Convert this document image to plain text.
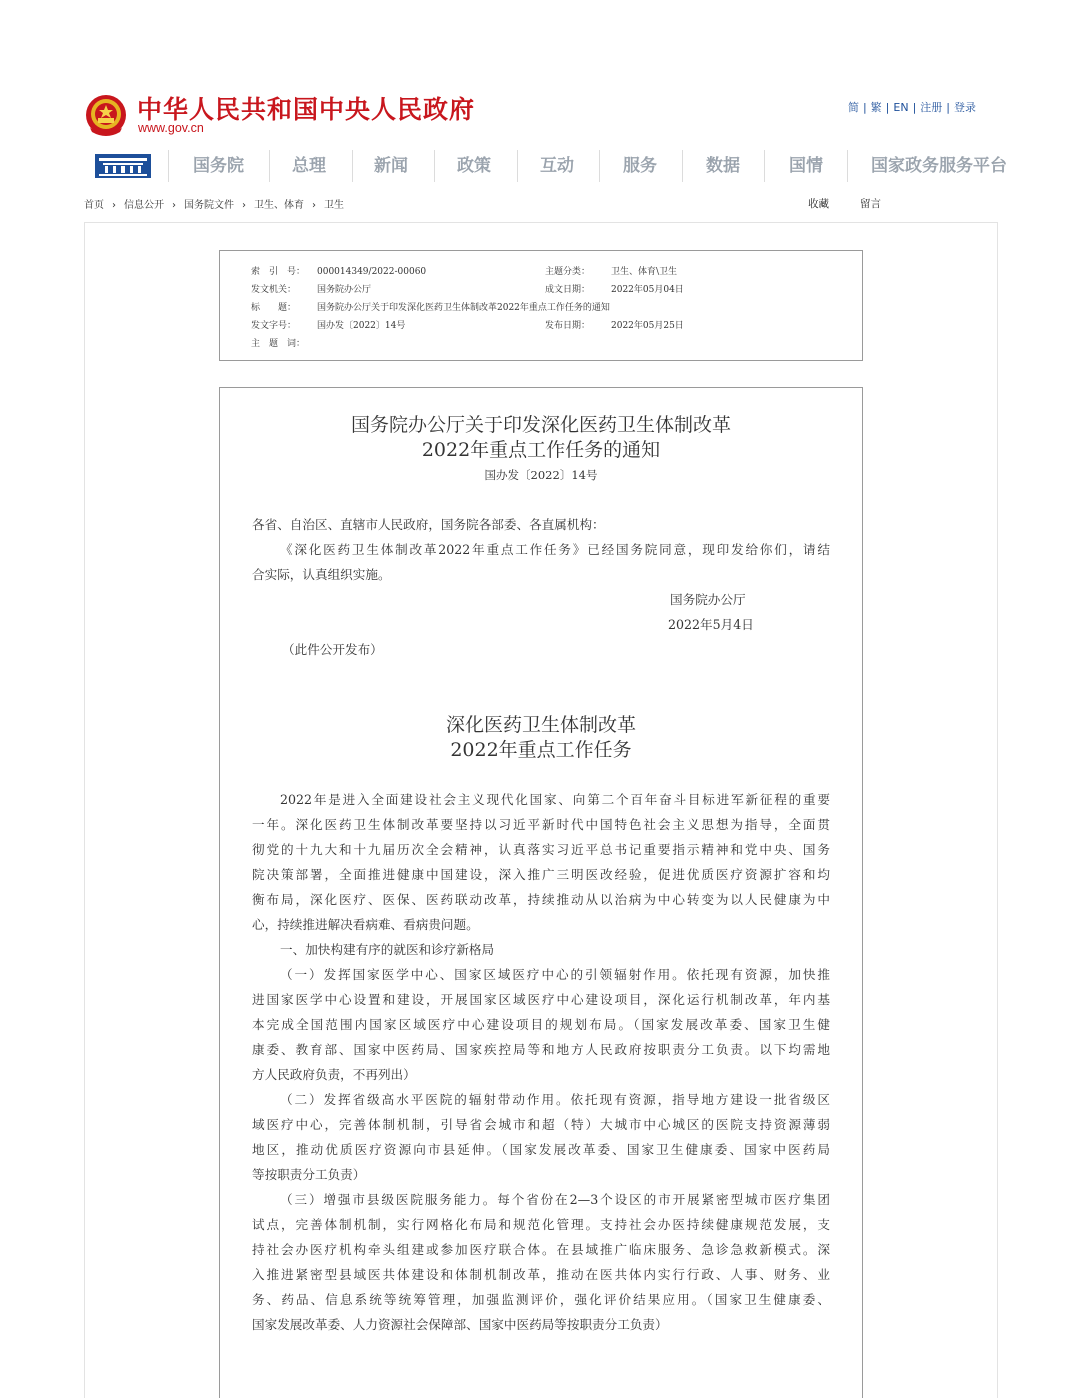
中华人民共和国中央人民政府
www.gov.cn
简 | 繁 | EN | 注册 | 登录
国务院	总理	新闻	政策	互动	服务	数据	国情	国家政务服务平台
首页 › 信息公开 › 国务院文件 › 卫生、体育 › 卫生	收藏	留言
索　引　号： 000014349/2022-00060	主题分类： 卫生、体育\卫生
发文机关： 国务院办公厅	成文日期： 2022年05月04日
标　　题： 国务院办公厅关于印发深化医药卫生体制改革2022年重点工作任务的通知
发文字号： 国办发〔2022〕14号	发布日期： 2022年05月25日
主　题　词：
国务院办公厅关于印发深化医药卫生体制改革
2022年重点工作任务的通知
国办发〔2022〕14号
各省、自治区、直辖市人民政府，国务院各部委、各直属机构：
《深化医药卫生体制改革2022年重点工作任务》已经国务院同意，现印发给你们，请结
合实际，认真组织实施。
国务院办公厅
2022年5月4日
（此件公开发布）
深化医药卫生体制改革
2022年重点工作任务
2022年是进入全面建设社会主义现代化国家、向第二个百年奋斗目标进军新征程的重要
一年。深化医药卫生体制改革要坚持以习近平新时代中国特色社会主义思想为指导，全面贯
彻党的十九大和十九届历次全会精神，认真落实习近平总书记重要指示精神和党中央、国务
院决策部署，全面推进健康中国建设，深入推广三明医改经验，促进优质医疗资源扩容和均
衡布局，深化医疗、医保、医药联动改革，持续推动从以治病为中心转变为以人民健康为中
心，持续推进解决看病难、看病贵问题。
一、加快构建有序的就医和诊疗新格局
（一）发挥国家医学中心、国家区域医疗中心的引领辐射作用。依托现有资源，加快推
进国家医学中心设置和建设，开展国家区域医疗中心建设项目，深化运行机制改革，年内基
本完成全国范围内国家区域医疗中心建设项目的规划布局。（国家发展改革委、国家卫生健
康委、教育部、国家中医药局、国家疾控局等和地方人民政府按职责分工负责。以下均需地
方人民政府负责，不再列出）
（二）发挥省级高水平医院的辐射带动作用。依托现有资源，指导地方建设一批省级区
域医疗中心，完善体制机制，引导省会城市和超（特）大城市中心城区的医院支持资源薄弱
地区，推动优质医疗资源向市县延伸。（国家发展改革委、国家卫生健康委、国家中医药局
等按职责分工负责）
（三）增强市县级医院服务能力。每个省份在2—3个设区的市开展紧密型城市医疗集团
试点，完善体制机制，实行网格化布局和规范化管理。支持社会办医持续健康规范发展，支
持社会办医疗机构牵头组建或参加医疗联合体。在县域推广临床服务、急诊急救新模式。深
入推进紧密型县域医共体建设和体制机制改革，推动在医共体内实行行政、人事、财务、业
务、药品、信息系统等统筹管理，加强监测评价，强化评价结果应用。（国家卫生健康委、
国家发展改革委、人力资源社会保障部、国家中医药局等按职责分工负责）
